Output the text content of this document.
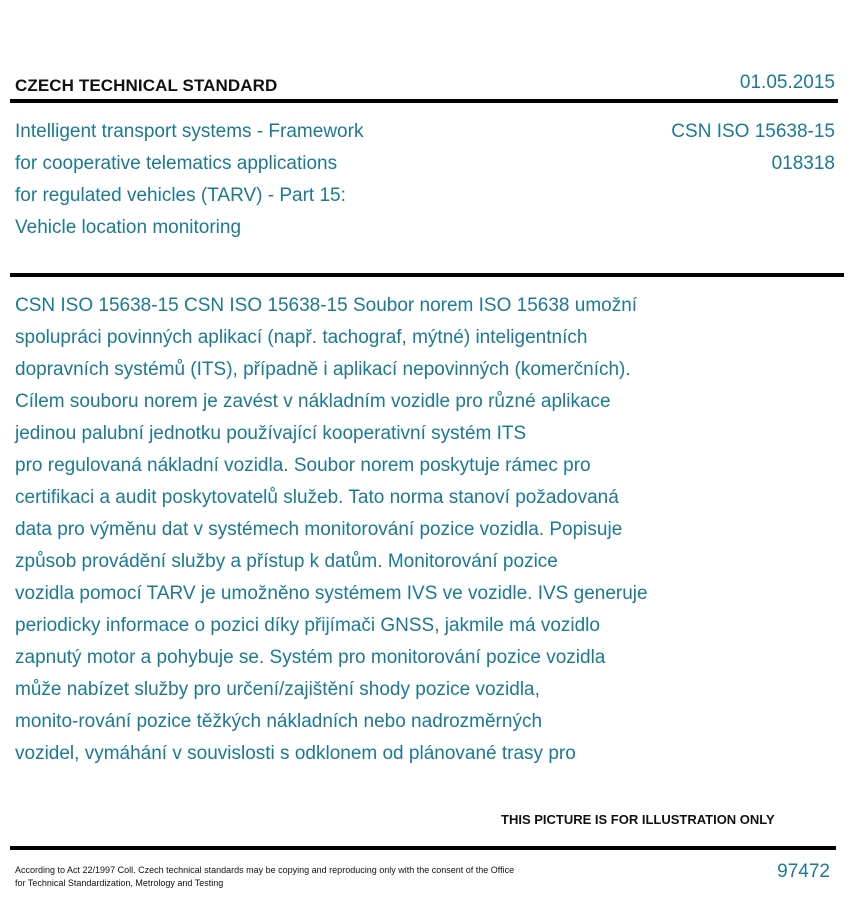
CZECH TECHNICAL STANDARD	01.05.2015
Intelligent transport systems - Framework
for cooperative telematics applications
for regulated vehicles (TARV) - Part 15:
Vehicle location monitoring
CSN ISO 15638-15
018318
CSN ISO 15638-15 CSN ISO 15638-15 Soubor norem ISO 15638 umožní
spolupráci povinných aplikací (např. tachograf, mýtné) inteligentních
dopravních systémů (ITS), případně i aplikací nepovinných (komerčních).
Cílem souboru norem je zavést v nákladním vozidle pro různé aplikace
jedinou palubní jednotku používající kooperativní systém ITS
pro regulovaná nákladní vozidla. Soubor norem poskytuje rámec pro
certifikaci a audit poskytovatelů služeb. Tato norma stanoví požadovaná
data pro výměnu dat v systémech monitorování pozice vozidla. Popisuje
způsob provádění služby a přístup k datům. Monitorování pozice
vozidla pomocí TARV je umožněno systémem IVS ve vozidle. IVS generuje
periodicky informace o pozici díky přijímači GNSS, jakmile má vozidlo
zapnutý motor a pohybuje se. Systém pro monitorování pozice vozidla
může nabízet služby pro určení/zajištění shody pozice vozidla,
monito-rování pozice těžkých nákladních nebo nadrozměrných
vozidel, vymáhání v souvislosti s odklonem od plánované trasy pro
THIS PICTURE IS FOR ILLUSTRATION ONLY
According to Act 22/1997 Coll. Czech technical standards may be copying and reproducing only with the consent of the Office
for Technical Standardization, Metrology and Testing
97472
